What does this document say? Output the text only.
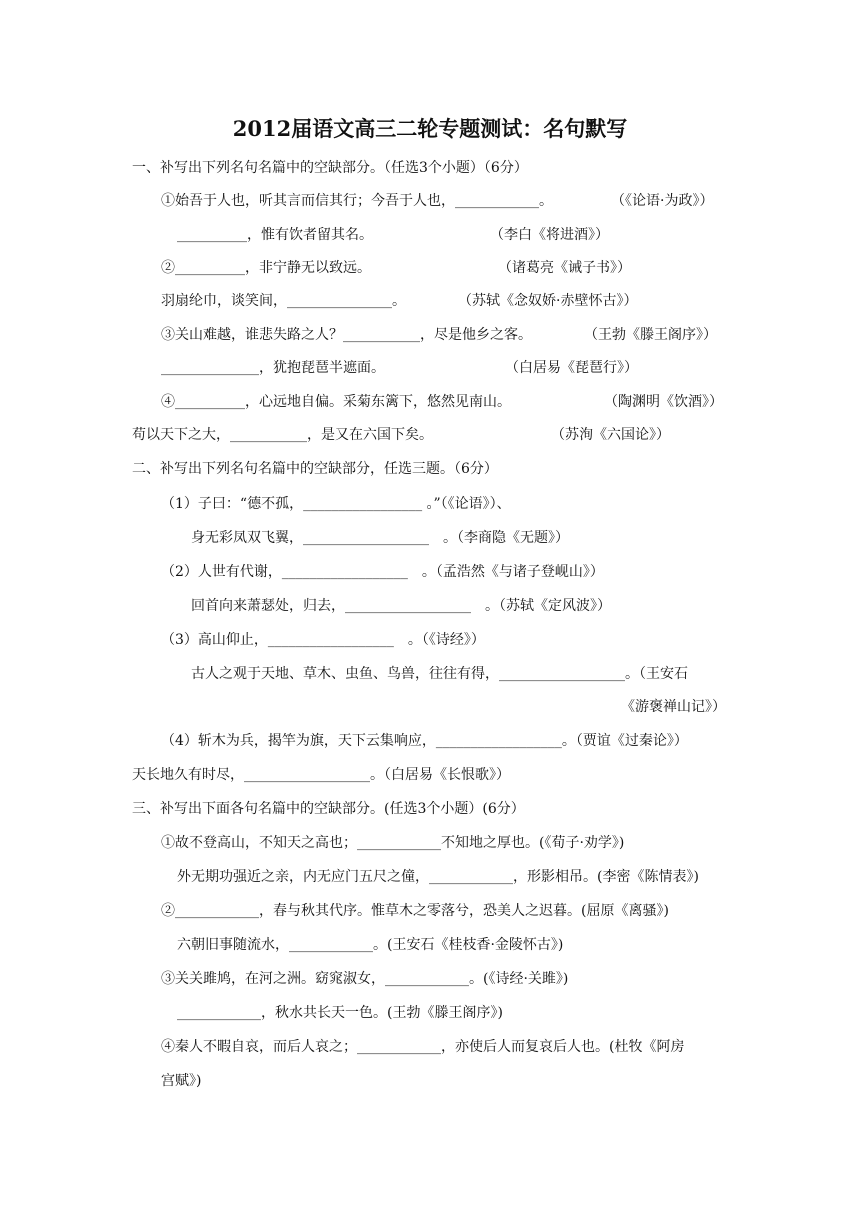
2012届语文高三二轮专题测试：名句默写
一、补写出下列名句名篇中的空缺部分。（任选3个小题）（6分）
①始吾于人也，听其言而信其行；今吾于人也，____________。	（《论语·为政》）
__________，惟有饮者留其名。	（李白《将进酒》）
②__________，非宁静无以致远。	（诸葛亮《诫子书》）
羽扇纶巾，谈笑间，_______________。	（苏轼《念奴娇·赤壁怀古》）
③关山难越，谁悲失路之人？___________，尽是他乡之客。	（王勃《滕王阁序》）
______________，犹抱琵琶半遮面。	（白居易《琵琶行》）
④__________，心远地自偏。采菊东篱下，悠然见南山。	（陶渊明《饮酒》）
苟以天下之大，___________，是又在六国下矣。	（苏洵《六国论》）
二、补写出下列名句名篇中的空缺部分，任选三题。（6分）
（1）子曰：“德不孤，_________________ 。”（《论语》）、
身无彩凤双飞翼，__________________　。（李商隐《无题》）
（2）人世有代谢，__________________　。（孟浩然《与诸子登岘山》）
回首向来萧瑟处，归去，__________________　。（苏轼《定风波》）
（3）高山仰止，__________________　。（《诗经》）
古人之观于天地、草木、虫鱼、鸟兽，往往有得，__________________。（王安石
《游褒禅山记》）
（4）斩木为兵，揭竿为旗，天下云集响应，__________________。（贾谊《过秦论》）
天长地久有时尽，__________________。（白居易《长恨歌》）
三、补写出下面各句名篇中的空缺部分。(任选3个小题）(6分）
①故不登高山，不知天之高也；____________不知地之厚也。(《荀子·劝学》)
外无期功强近之亲，内无应门五尺之僮，____________，形影相吊。(李密《陈情表》)
②____________，春与秋其代序。惟草木之零落兮，恐美人之迟暮。(屈原《离骚》)
六朝旧事随流水，____________。(王安石《桂枝香·金陵怀古》)
③关关雎鸠，在河之洲。窈窕淑女，____________。(《诗经·关雎》)
____________，秋水共长天一色。(王勃《滕王阁序》)
④秦人不暇自哀，而后人哀之；____________，亦使后人而复哀后人也。(杜牧《阿房
宫赋》)
